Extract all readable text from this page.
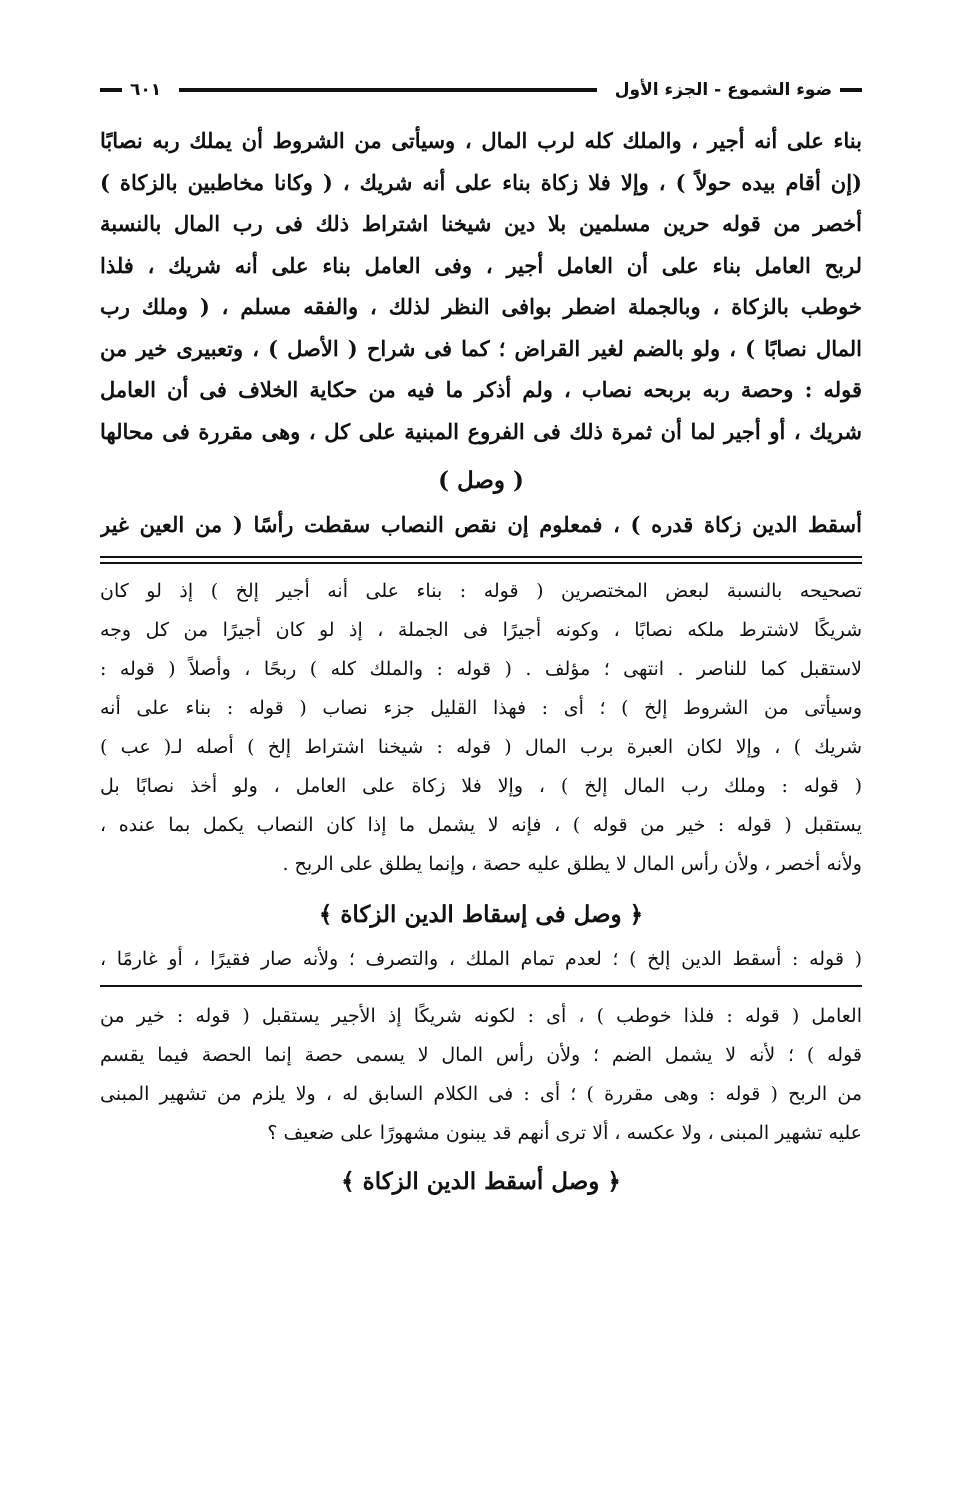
ضوء الشموع - الجزء الأول
٦٠١

بناء على أنه أجير ، والملك كله لرب المال ، وسيأتى من الشروط أن يملك ربه نصابًا

(إن أقام بيده حولاً ) ، وإلا فلا زكاة بناء على أنه شريك ، ( وكانا مخاطبين بالزكاة )

أخصر من قوله حرين مسلمين بلا دين شيخنا اشتراط ذلك فى رب المال بالنسبة

لربح العامل بناء على أن العامل أجير ، وفى العامل بناء على أنه شريك ، فلذا

خوطب بالزكاة ، وبالجملة اضطر بوافى النظر لذلك ، والفقه مسلم ، ( وملك رب

المال نصابًا ) ، ولو بالضم لغير القراض ؛ كما فى شراح ( الأصل ) ، وتعبيرى خير من

قوله : وحصة ربه بربحه نصاب ، ولم أذكر ما فيه من حكاية الخلاف فى أن العامل

شريك ، أو أجير لما أن ثمرة ذلك فى الفروع المبنية على كل ، وهى مقررة فى محالها

( وصل )

أسقط الدين زكاة قدره ) ، فمعلوم إن نقص النصاب سقطت رأسًا ( من العين غير

تصحيحه بالنسبة لبعض المختصرين ( قوله : بناء على أنه أجير إلخ ) إذ لو كان

شريكًا لاشترط ملكه نصابًا ، وكونه أجيرًا فى الجملة ، إذ لو كان أجيرًا من كل وجه

لاستقبل كما للناصر . انتهى ؛ مؤلف . ( قوله : والملك كله ) ربحًا ، وأصلاً ( قوله :

وسيأتى من الشروط إلخ ) ؛ أى : فهذا القليل جزء نصاب ( قوله : بناء على أنه

شريك ) ، وإلا لكان العبرة برب المال ( قوله : شيخنا اشتراط إلخ ) أصله لـ( عب )

( قوله : وملك رب المال إلخ ) ، وإلا فلا زكاة على العامل ، ولو أخذ نصابًا بل

يستقبل ( قوله : خير من قوله ) ، فإنه لا يشمل ما إذا كان النصاب يكمل بما عنده ،

ولأنه أخصر ، ولأن رأس المال لا يطلق عليه حصة ، وإنما يطلق على الربح .

﴿ وصل فى إسقاط الدين الزكاة ﴾

( قوله : أسقط الدين إلخ ) ؛ لعدم تمام الملك ، والتصرف ؛ ولأنه صار فقيرًا ، أو غارمًا ،

العامل ( قوله : فلذا خوطب ) ، أى : لكونه شريكًا إذ الأجير يستقبل ( قوله : خير من

قوله ) ؛ لأنه لا يشمل الضم ؛ ولأن رأس المال لا يسمى حصة إنما الحصة فيما يقسم

من الربح ( قوله : وهى مقررة ) ؛ أى : فى الكلام السابق له ، ولا يلزم من تشهير المبنى

عليه تشهير المبنى ، ولا عكسه ، ألا ترى أنهم قد يبنون مشهورًا على ضعيف ؟

﴿ وصل أسقط الدين الزكاة ﴾
